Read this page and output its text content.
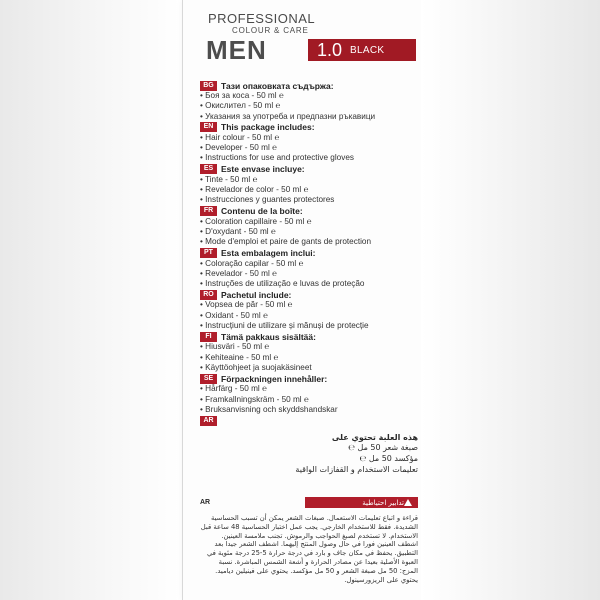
PROFESSIONAL
COLOUR & CARE
MEN	1.0 BLACK
BG Тази опаковката съдържа:
• Боя за коса - 50 ml ℮
• Окислител - 50 ml ℮
• Указания за употреба и предпазни ръкавици
EN This package includes:
• Hair colour - 50 ml ℮
• Developer - 50 ml ℮
• Instructions for use and protective gloves
ES Este envase incluye:
• Tinte - 50 ml ℮
• Revelador de color - 50 ml ℮
• Instrucciones y guantes protectores
FR Contenu de la boîte:
• Coloration capillaire - 50 ml ℮
• D'oxydant - 50 ml ℮
• Mode d'emploi et paire de gants de protection
PT Esta embalagem inclui:
• Coloração capilar - 50 ml ℮
• Revelador - 50 ml ℮
• Instruções de utilização e luvas de proteção
RO Pachetul include:
• Vopsea de păr - 50 ml ℮
• Oxidant - 50 ml ℮
• Instrucțiuni de utilizare și mănuși de protecție
FI	Tämä pakkaus sisältää:
• Hiusväri - 50 ml ℮
• Kehiteaine - 50 ml ℮
• Käyttöohjeet ja suojakäsineet
SE Förpackningen innehåller:
• Hårfärg - 50 ml ℮
• Framkallningskräm - 50 ml ℮
• Bruksanvisning och skyddshandskar
AR
هذه العلبة تحتوي على
صبغة شعر 50 مل ℮
مؤكسد 50 مل ℮
تعليمات الاستخدام و القفازات الواقية
AR	تدابير احتياطية
قراءة و اتباع تعليمات الاستعمال. صبغات الشعر يمكن أن تسبب الحساسية الشديدة. فقط للاستخدام الخارجي. يجب عمل اختبار الحساسية 48 ساعة قبل الاستخدام. لا تستخدم لصبغ الحواجب والرموش. تجنب ملامسة العينين. اشطف العينين فورا في حال وصول المنتج إليهما. اشطف الشعر جيدا بعد التطبيق. يحفظ في مكان جاف و بارد في درجة حرارة 5-25 درجة مئوية في العبوة الأصلية بعيدا عن مصادر الحرارة و أشعة الشمس المباشرة. نسبة المزج: 50 مل صبغة الشعر و 50 مل مؤكسد. يحتوي على فينيلين دياميد. يحتوي على الريزورسينول.
